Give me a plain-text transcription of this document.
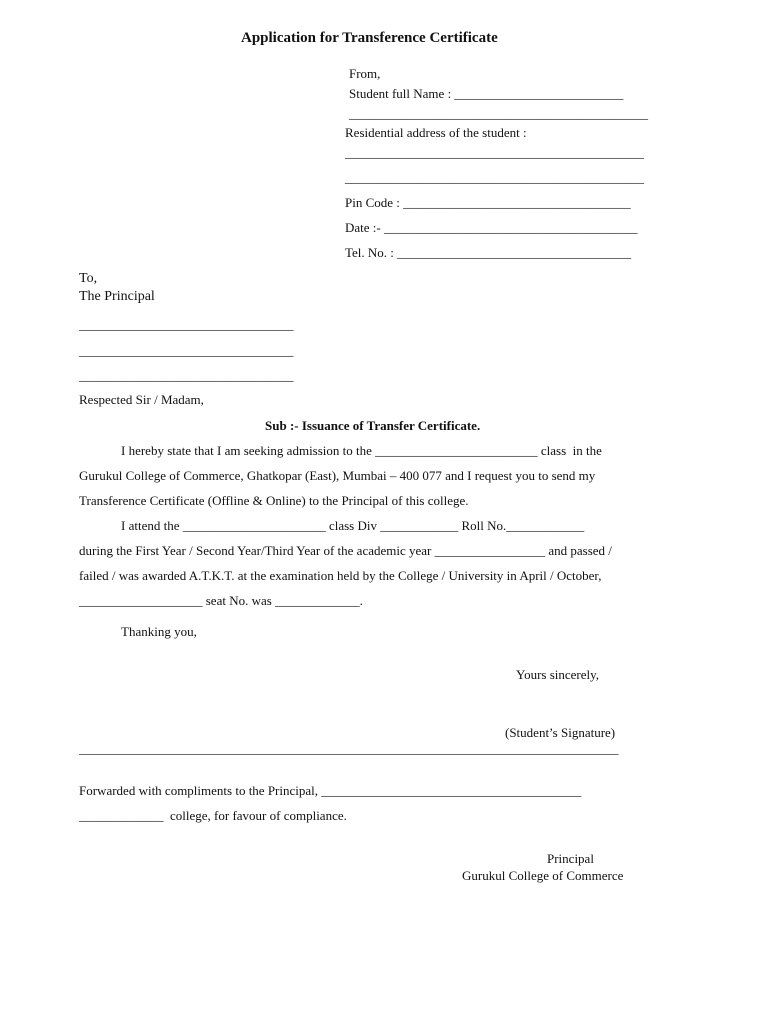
Application for Transference Certificate
From,
Student full Name : __________________________
______________________________________________
Residential address of the student :
______________________________________________
______________________________________________
Pin Code : ___________________________________
Date :- _______________________________________
Tel. No. : ____________________________________
To,
The Principal
_________________________________
_________________________________
_________________________________
Respected Sir / Madam,
Sub :- Issuance of Transfer Certificate.
I hereby state that I am seeking admission to the _________________________ class  in the
Gurukul College of Commerce, Ghatkopar (East), Mumbai – 400 077 and I request you to send my
Transference Certificate (Offline & Online) to the Principal of this college.
I attend the ______________________ class Div ____________ Roll No.____________
during the First Year / Second Year/Third Year of the academic year _________________ and passed /
failed / was awarded A.T.K.T. at the examination held by the College / University in April / October,
___________________ seat No. was _____________.
Thanking you,
Yours sincerely,
(Student’s Signature)
___________________________________________________________________________________
Forwarded with compliments to the Principal, ________________________________________
_____________  college, for favour of compliance.
Principal
Gurukul College of Commerce
